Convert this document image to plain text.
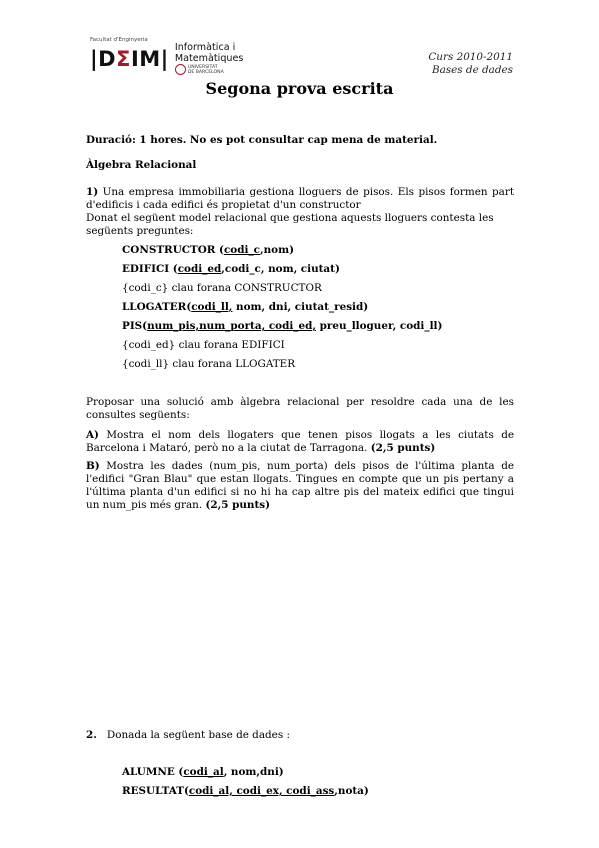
Facultat d'Enginyeria
|DΣIM| Informàtica i
Matemàtiques
UNIVERSITAT
DE BARCELONA
Curs 2010-2011
Bases de dades
Segona prova escrita
Duració: 1 hores. No es pot consultar cap mena de material.
Àlgebra Relacional
1) Una empresa immobiliaria gestiona lloguers de pisos. Els pisos formen part d'edificis i cada edifici és propietat d'un constructor
Donat el següent model relacional que gestiona aquests lloguers contesta les següents preguntes:
CONSTRUCTOR (codi_c,nom)
EDIFICI (codi_ed,codi_c, nom, ciutat)
{codi_c} clau forana CONSTRUCTOR
LLOGATER(codi_ll, nom, dni, ciutat_resid)
PIS(num_pis,num_porta, codi_ed, preu_lloguer, codi_ll)
{codi_ed} clau forana EDIFICI
{codi_ll} clau forana LLOGATER
Proposar una solució amb àlgebra relacional per resoldre cada una de les consultes següents:
A) Mostra el nom dels llogaters que tenen pisos llogats a les ciutats de Barcelona i Mataró, però no a la ciutat de Tarragona. (2,5 punts)
B) Mostra les dades (num_pis, num_porta) dels pisos de l'última planta de l'edifici "Gran Blau" que estan llogats. Tingues en compte que un pis pertany a l'última planta d'un edifici si no hi ha cap altre pis del mateix edifici que tingui un num_pis més gran. (2,5 punts)
2. Donada la següent base de dades :
ALUMNE (codi_al, nom,dni)
RESULTAT(codi_al, codi_ex, codi_ass,nota)
